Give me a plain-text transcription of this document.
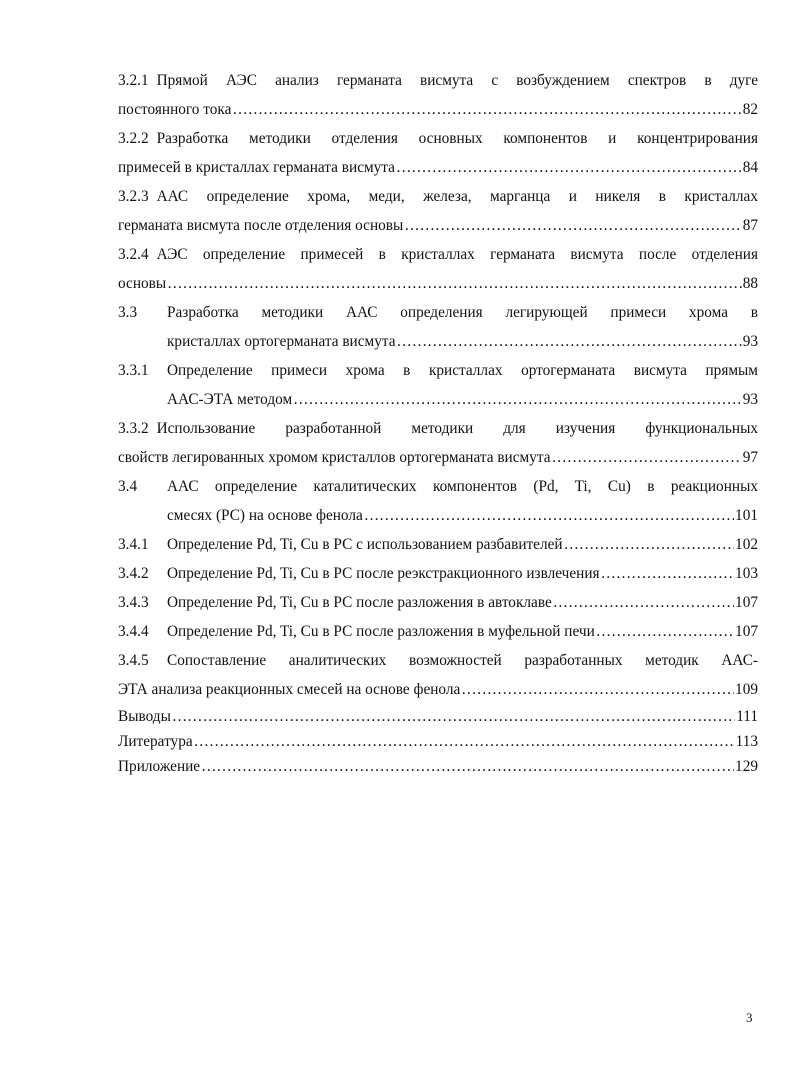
3.2.1 Прямой АЭС анализ германата висмута с возбуждением спектров в дуге
постоянного тока ……………………………………………………………………………………………………………………………………………………………………………………………………………………………………………………………	82
3.2.2 Разработка методики отделения основных компонентов и концентрирования
примесей в кристаллах германата висмута ……………………………………………………………………………………………………………………………………………………………………………………………………………………………………………………………	84
3.2.3 ААС определение хрома, меди, железа, марганца и никеля в кристаллах
германата висмута после отделения основы ……………………………………………………………………………………………………………………………………………………………………………………………………………………………………………………………	87
3.2.4 АЭС определение примесей в кристаллах германата висмута после отделения
основы ……………………………………………………………………………………………………………………………………………………………………………………………………………………………………………………………	88
3.3	Разработка методики ААС определения легирующей примеси хрома в
кристаллах ортогерманата висмута ……………………………………………………………………………………………………………………………………………………………………………………………………………………………………………………………	93
3.3.1	Определение примеси хрома в кристаллах ортогерманата висмута прямым
ААС-ЭТА методом ……………………………………………………………………………………………………………………………………………………………………………………………………………………………………………………………	93
3.3.2 Использование разработанной методики для изучения функциональных
свойств легированных хромом кристаллов ортогерманата висмута ……………………………………………………………………………………………………………………………………………………………………………………………………………………………………………………………	97
3.4	ААС определение каталитических компонентов (Pd, Ti, Cu) в реакционных
смесях (РС) на основе фенола ……………………………………………………………………………………………………………………………………………………………………………………………………………………………………………………………	101
3.4.1	Определение Pd, Ti, Cu в РС с использованием разбавителей ……………………………………………………………………………………………………………………………………………………………………………………………………………………………………………………………	102
3.4.2	Определение Pd, Ti, Cu в РС после реэкстракционного извлечения ……………………………………………………………………………………………………………………………………………………………………………………………………………………………………………………………	103
3.4.3	Определение Pd, Ti, Cu в РС после разложения в автоклаве ……………………………………………………………………………………………………………………………………………………………………………………………………………………………………………………………	107
3.4.4	Определение Pd, Ti, Cu в РС после разложения в муфельной печи ……………………………………………………………………………………………………………………………………………………………………………………………………………………………………………………………	107
3.4.5	Сопоставление аналитических возможностей разработанных методик ААС-
ЭТА анализа реакционных смесей на основе фенола ……………………………………………………………………………………………………………………………………………………………………………………………………………………………………………………………	109
Выводы ……………………………………………………………………………………………………………………………………………………………………………………………………………………………………………………………	111
Литература ……………………………………………………………………………………………………………………………………………………………………………………………………………………………………………………………	113
Приложение ……………………………………………………………………………………………………………………………………………………………………………………………………………………………………………………………	129
3
